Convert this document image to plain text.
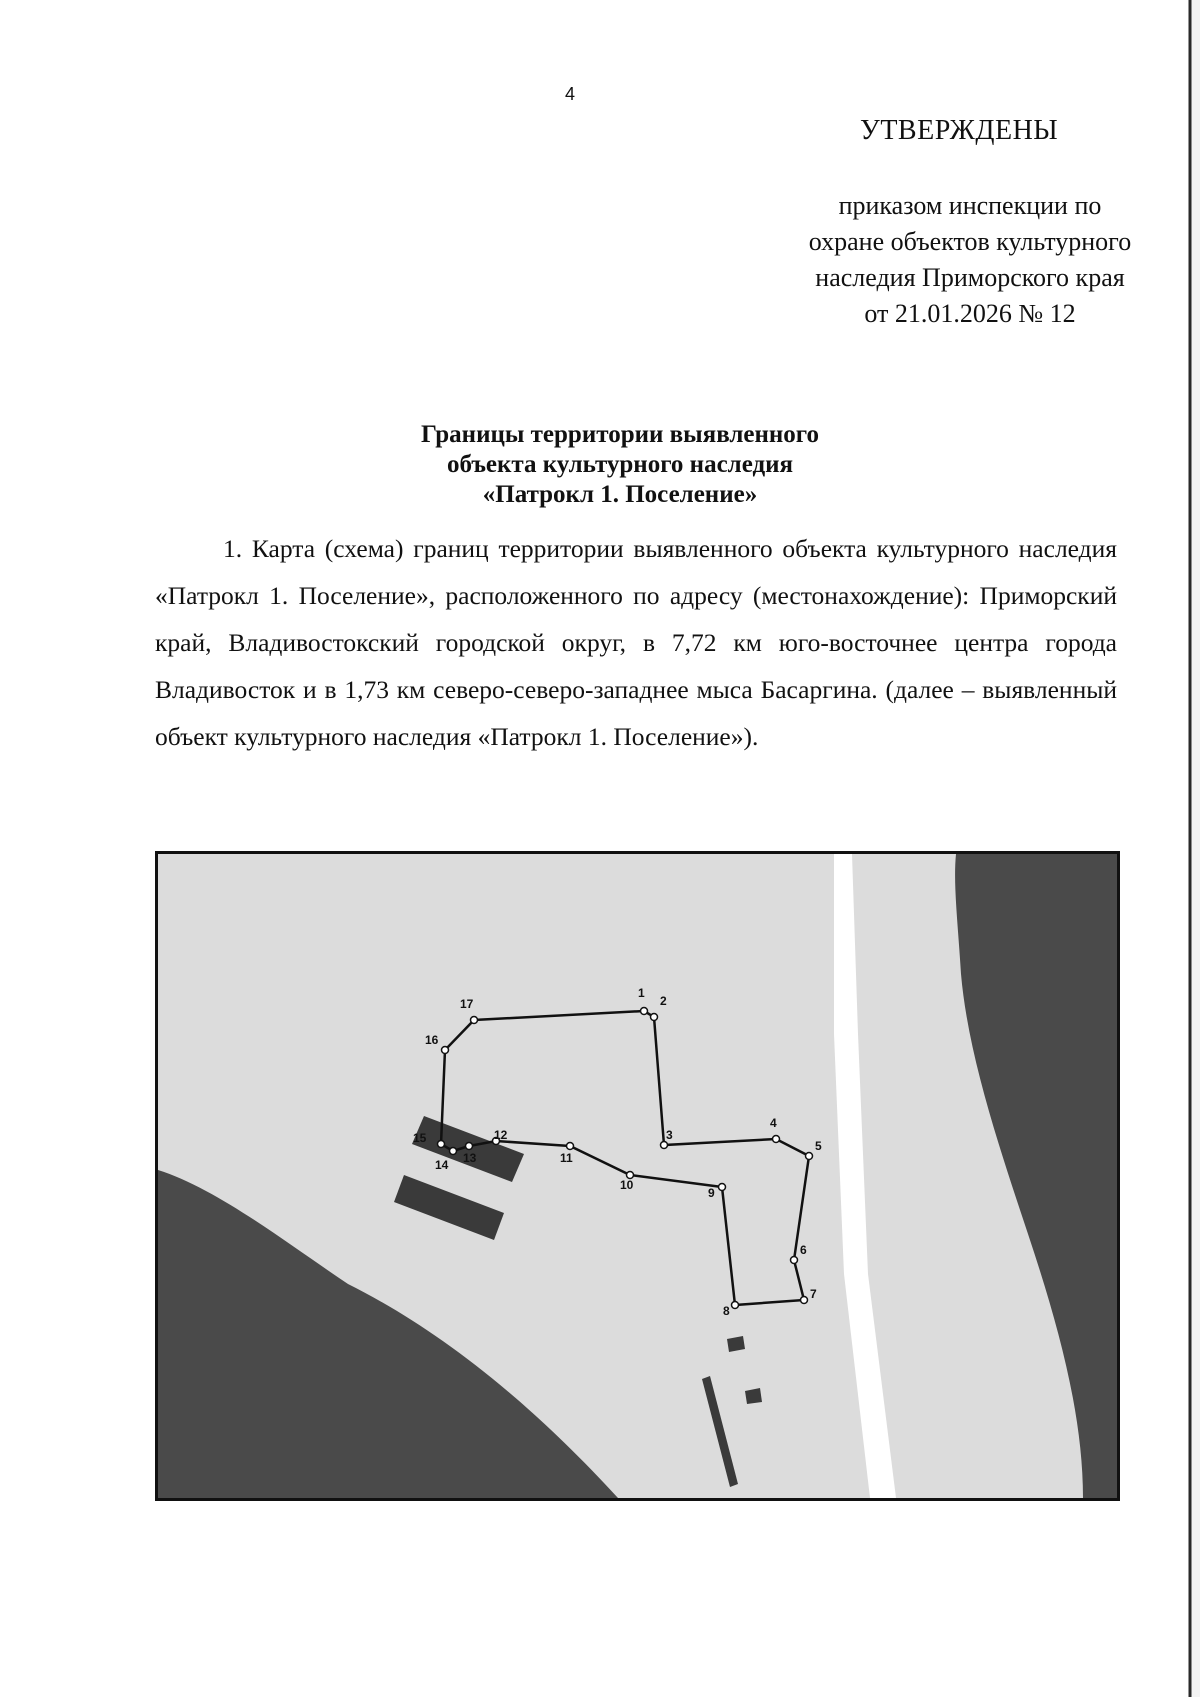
4
УТВЕРЖДЕНЫ
приказом инспекции по
охране объектов культурного
наследия Приморского края
от 21.01.2026 № 12
Границы территории выявленного
объекта культурного наследия
«Патрокл 1. Поселение»

1. Карта (схема) границ территории выявленного объекта культурного наследия «Патрокл 1. Поселение», расположенного по адресу (местонахождение): Приморский край, Владивостокский городской округ, в 7,72 км юго-восточнее центра города Владивосток и в 1,73 км северо-северо-западнее мыса Басаргина. (далее – выявленный объект культурного наследия «Патрокл 1. Поселение»).

1
2
3
4
5
6
7
8
9
10
11
12
13
14
15
16
17
